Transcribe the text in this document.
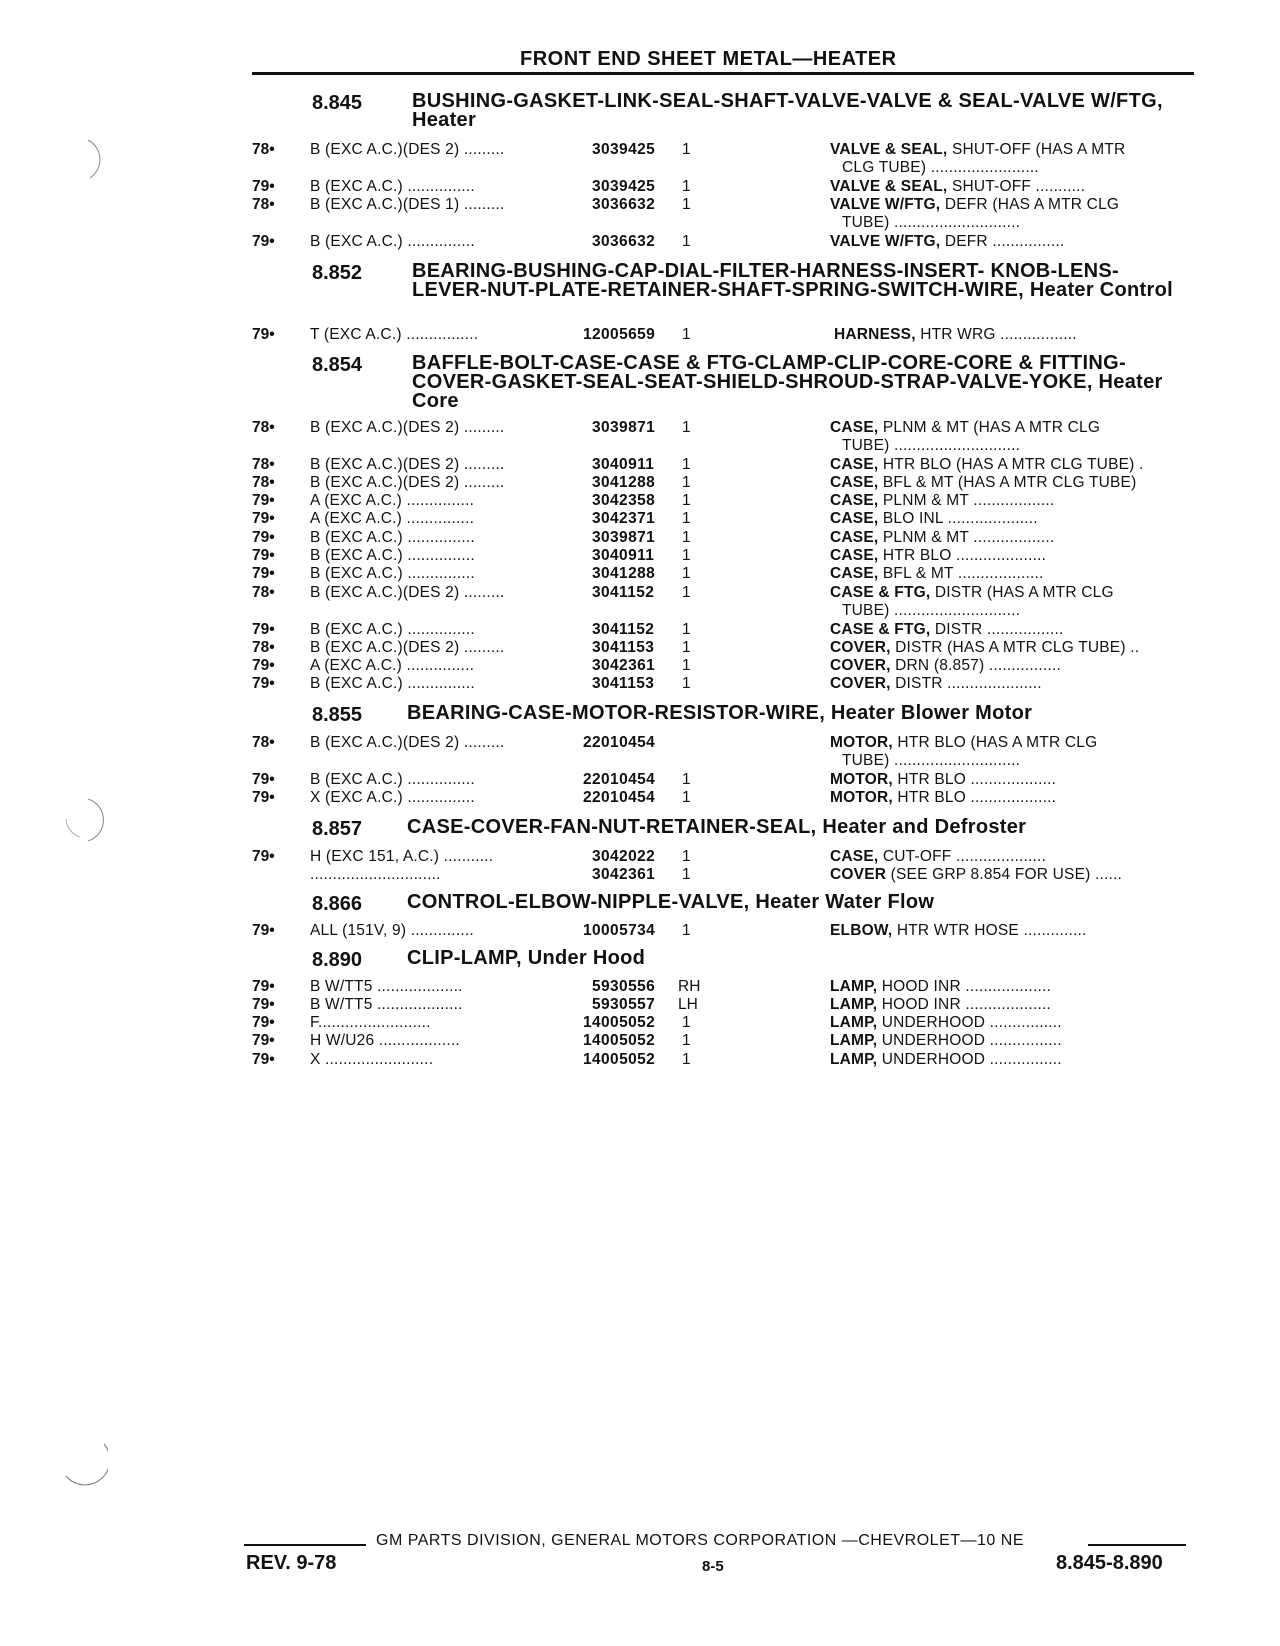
FRONT END SHEET METAL—HEATER
8.845 BUSHING-GASKET-LINK-SEAL-SHAFT-VALVE-VALVE & SEAL-VALVE W/FTG, Heater
78• B (EXC A.C.)(DES 2) .........	3039425 1	VALVE & SEAL, SHUT-OFF (HAS A MTR
CLG TUBE) ........................
79• B (EXC A.C.) ...............	3039425 1	VALVE & SEAL, SHUT-OFF ...........
78• B (EXC A.C.)(DES 1) .........	3036632 1	VALVE W/FTG, DEFR (HAS A MTR CLG
TUBE) ............................
79• B (EXC A.C.) ...............	3036632 1	VALVE W/FTG, DEFR ................
8.852 BEARING-BUSHING-CAP-DIAL-FILTER-HARNESS-INSERT- KNOB-LENS-LEVER-NUT-PLATE-RETAINER-SHAFT-SPRING-SWITCH-WIRE, Heater Control
79• T (EXC A.C.) ................	12005659 1	HARNESS, HTR WRG .................
8.854 BAFFLE-BOLT-CASE-CASE & FTG-CLAMP-CLIP-CORE-CORE & FITTING-COVER-GASKET-SEAL-SEAT-SHIELD-SHROUD-STRAP-VALVE-YOKE, Heater Core
78• B (EXC A.C.)(DES 2) .........	3039871 1	CASE, PLNM & MT (HAS A MTR CLG
TUBE) ............................
78• B (EXC A.C.)(DES 2) .........	3040911 1	CASE, HTR BLO (HAS A MTR CLG TUBE) .
78• B (EXC A.C.)(DES 2) .........	3041288 1	CASE, BFL & MT (HAS A MTR CLG TUBE)
79• A (EXC A.C.) ...............	3042358 1	CASE, PLNM & MT ..................
79• A (EXC A.C.) ...............	3042371 1	CASE, BLO INL ....................
79• B (EXC A.C.) ...............	3039871 1	CASE, PLNM & MT ..................
79• B (EXC A.C.) ...............	3040911 1	CASE, HTR BLO ....................
79• B (EXC A.C.) ...............	3041288 1	CASE, BFL & MT ...................
78• B (EXC A.C.)(DES 2) .........	3041152 1	CASE & FTG, DISTR (HAS A MTR CLG
TUBE) ............................
79• B (EXC A.C.) ...............	3041152 1	CASE & FTG, DISTR .................
78• B (EXC A.C.)(DES 2) .........	3041153 1	COVER, DISTR (HAS A MTR CLG TUBE) ..
79• A (EXC A.C.) ...............	3042361 1	COVER, DRN (8.857) ................
79• B (EXC A.C.) ...............	3041153 1	COVER, DISTR .....................
8.855 BEARING-CASE-MOTOR-RESISTOR-WIRE, Heater Blower Motor
78• B (EXC A.C.)(DES 2) .........	22010454	MOTOR, HTR BLO (HAS A MTR CLG
TUBE) ............................
79• B (EXC A.C.) ...............	22010454 1	MOTOR, HTR BLO ...................
79• X (EXC A.C.) ...............	22010454 1	MOTOR, HTR BLO ...................
8.857 CASE-COVER-FAN-NUT-RETAINER-SEAL, Heater and Defroster
79• H (EXC 151, A.C.) ...........	3042022 1	CASE, CUT-OFF ....................
.............................	3042361 1	COVER (SEE GRP 8.854 FOR USE) ......
8.866 CONTROL-ELBOW-NIPPLE-VALVE, Heater Water Flow
79• ALL (151V, 9) ..............	10005734 1	ELBOW, HTR WTR HOSE ..............
8.890 CLIP-LAMP, Under Hood
79• B W/TT5 ...................	5930556 RH	LAMP, HOOD INR ...................
79• B W/TT5 ...................	5930557 LH	LAMP, HOOD INR ...................
79• F.........................	14005052 1	LAMP, UNDERHOOD ................
79• H W/U26 ..................	14005052 1	LAMP, UNDERHOOD ................
79• X ........................	14005052 1	LAMP, UNDERHOOD ................
GM PARTS DIVISION, GENERAL MOTORS CORPORATION —CHEVROLET—10 NE
REV. 9-78	8-5	8.845-8.890
